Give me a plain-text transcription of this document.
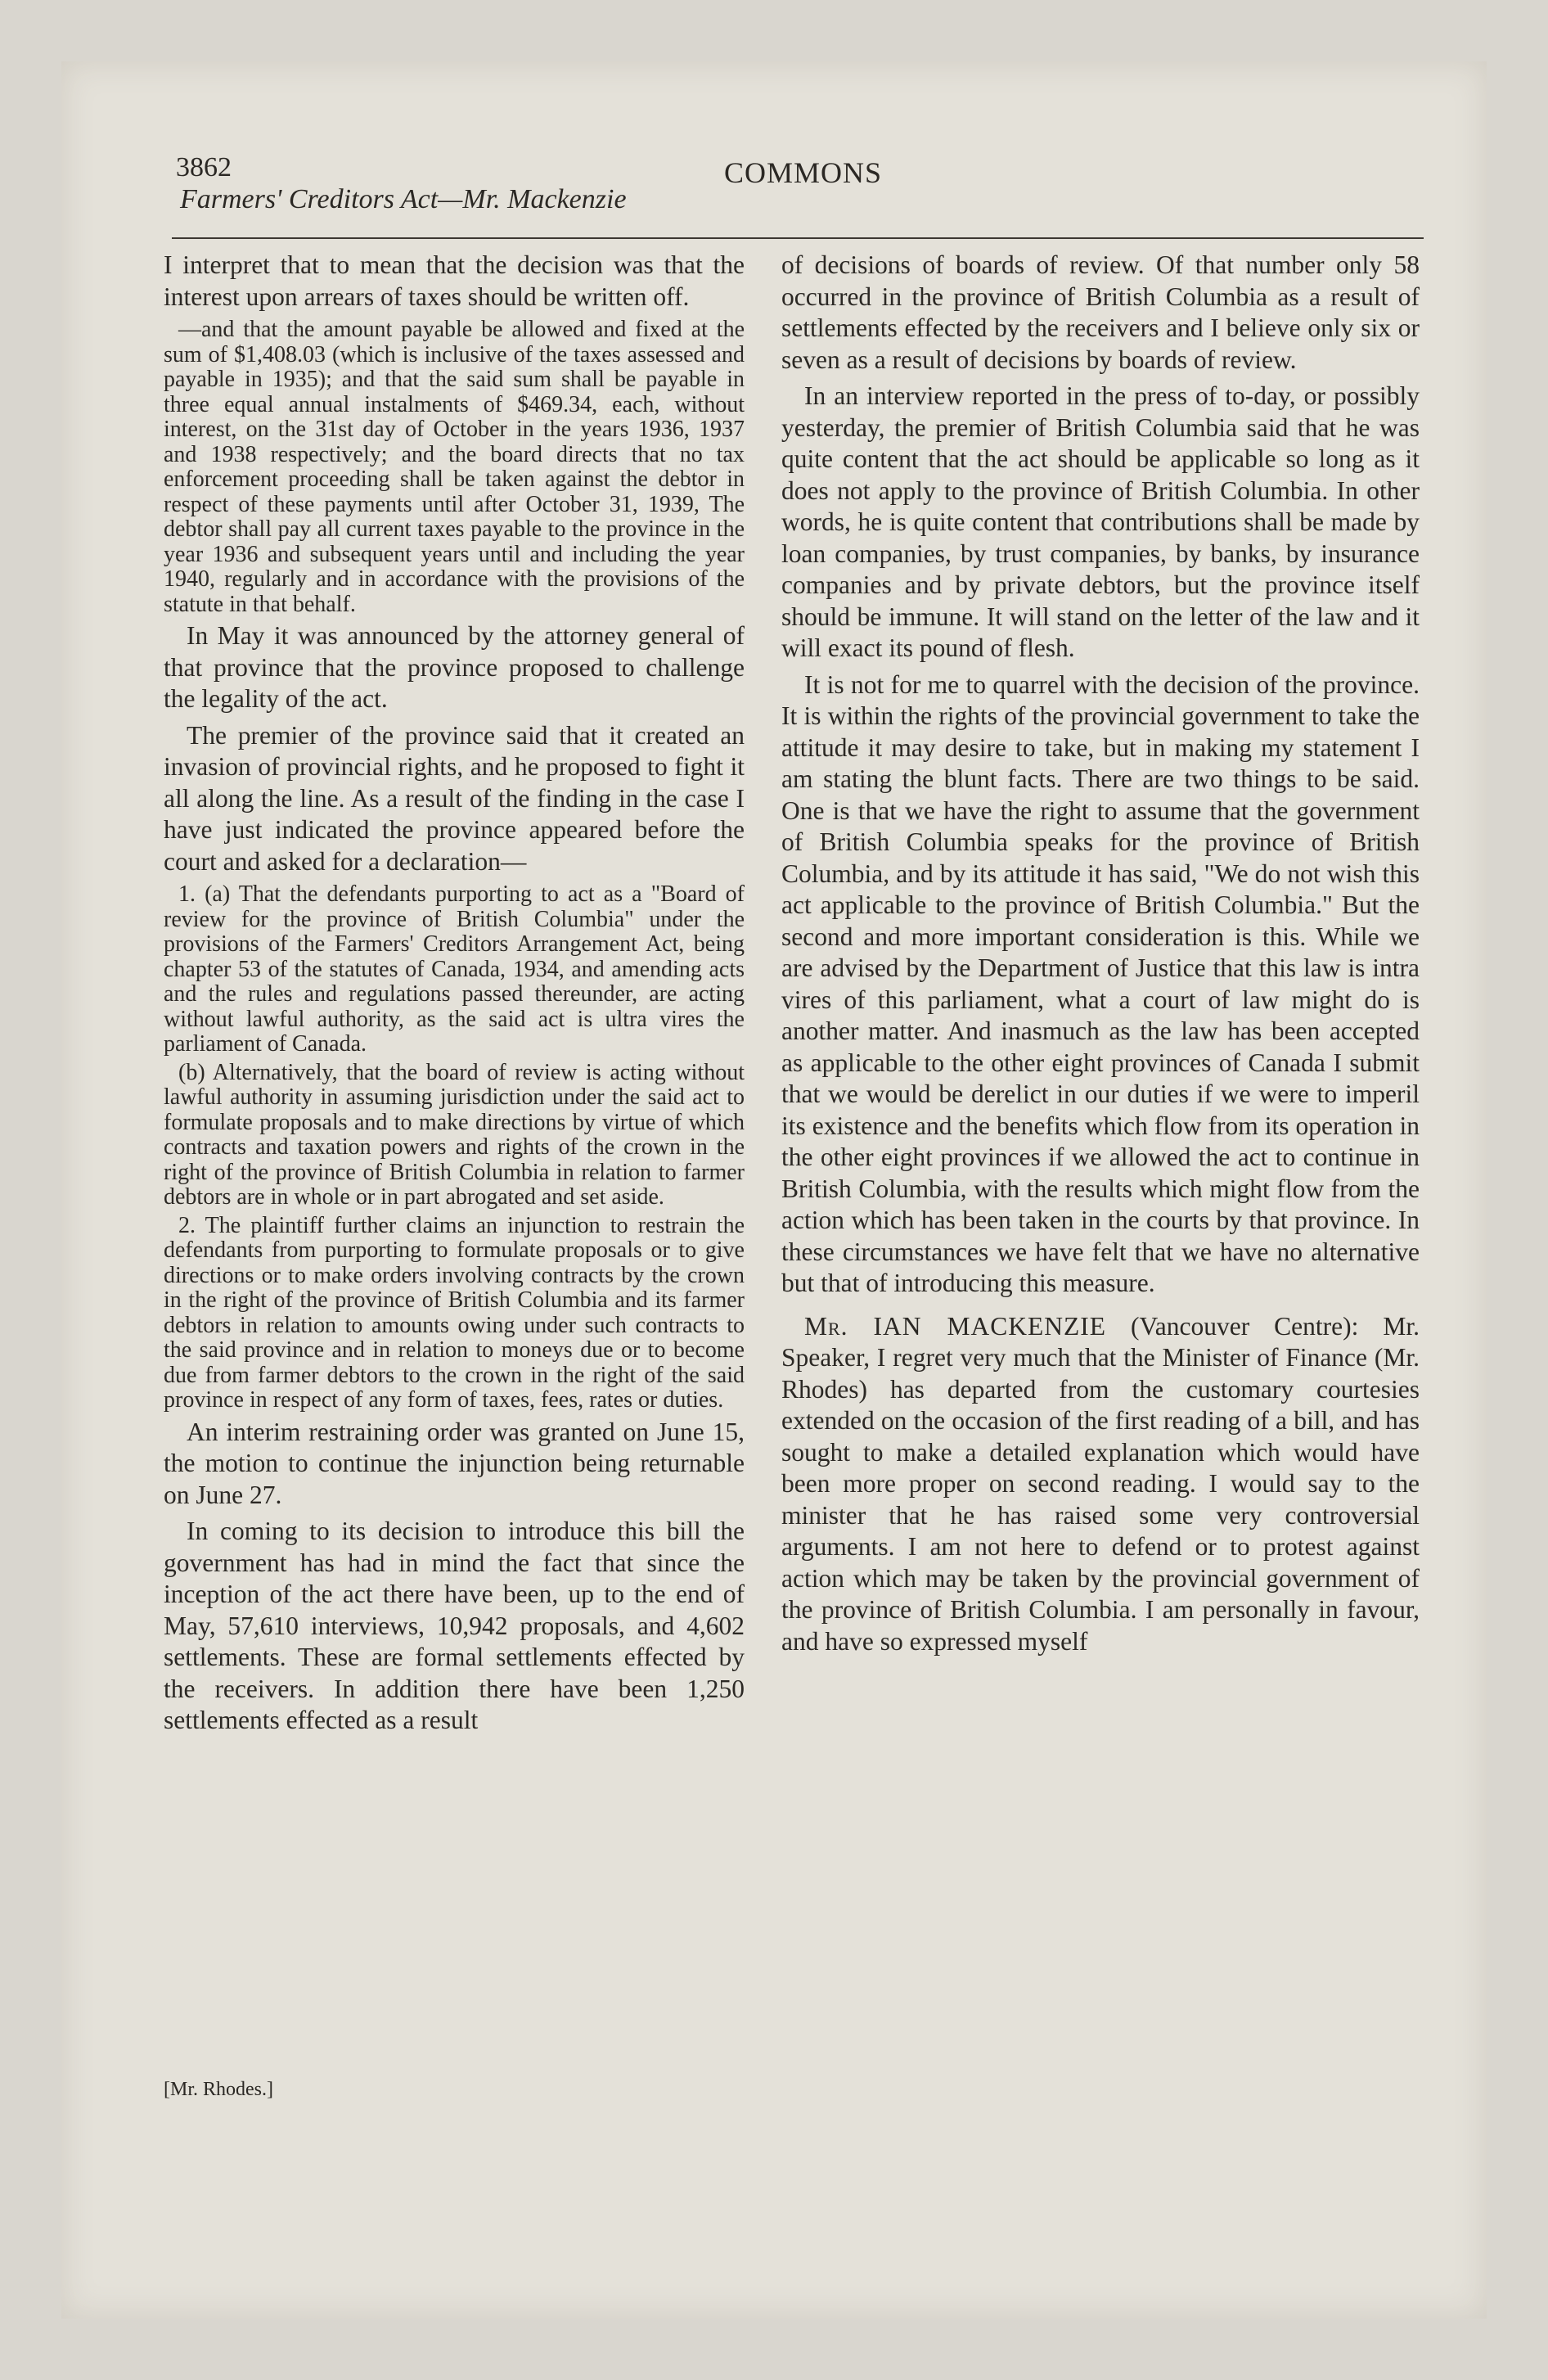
3862
Farmers' Creditors Act—Mr. Mackenzie
COMMONS

I interpret that to mean that the decision was that the interest upon arrears of taxes should be written off.

—and that the amount payable be allowed and fixed at the sum of $1,408.03 (which is inclusive of the taxes assessed and payable in 1935); and that the said sum shall be payable in three equal annual instalments of $469.34, each, without interest, on the 31st day of October in the years 1936, 1937 and 1938 respectively; and the board directs that no tax enforcement proceeding shall be taken against the debtor in respect of these payments until after October 31, 1939, The debtor shall pay all current taxes payable to the province in the year 1936 and subsequent years until and including the year 1940, regularly and in accordance with the provisions of the statute in that behalf.

In May it was announced by the attorney general of that province that the province proposed to challenge the legality of the act.

The premier of the province said that it created an invasion of provincial rights, and he proposed to fight it all along the line. As a result of the finding in the case I have just indicated the province appeared before the court and asked for a declaration—

1. (a) That the defendants purporting to act as a "Board of review for the province of British Columbia" under the provisions of the Farmers' Creditors Arrangement Act, being chapter 53 of the statutes of Canada, 1934, and amending acts and the rules and regulations passed thereunder, are acting without lawful authority, as the said act is ultra vires the parliament of Canada.

(b) Alternatively, that the board of review is acting without lawful authority in assuming jurisdiction under the said act to formulate proposals and to make directions by virtue of which contracts and taxation powers and rights of the crown in the right of the province of British Columbia in relation to farmer debtors are in whole or in part abrogated and set aside.

2. The plaintiff further claims an injunction to restrain the defendants from purporting to formulate proposals or to give directions or to make orders involving contracts by the crown in the right of the province of British Columbia and its farmer debtors in relation to amounts owing under such contracts to the said province and in relation to moneys due or to become due from farmer debtors to the crown in the right of the said province in respect of any form of taxes, fees, rates or duties.

An interim restraining order was granted on June 15, the motion to continue the injunction being returnable on June 27.

In coming to its decision to introduce this bill the government has had in mind the fact that since the inception of the act there have been, up to the end of May, 57,610 interviews, 10,942 proposals, and 4,602 settlements. These are formal settlements effected by the receivers. In addition there have been 1,250 settlements effected as a result

[Mr. Rhodes.]

of decisions of boards of review. Of that number only 58 occurred in the province of British Columbia as a result of settlements effected by the receivers and I believe only six or seven as a result of decisions by boards of review.

In an interview reported in the press of to-day, or possibly yesterday, the premier of British Columbia said that he was quite content that the act should be applicable so long as it does not apply to the province of British Columbia. In other words, he is quite content that contributions shall be made by loan companies, by trust companies, by banks, by insurance companies and by private debtors, but the province itself should be immune. It will stand on the letter of the law and it will exact its pound of flesh.

It is not for me to quarrel with the decision of the province. It is within the rights of the provincial government to take the attitude it may desire to take, but in making my statement I am stating the blunt facts. There are two things to be said. One is that we have the right to assume that the government of British Columbia speaks for the province of British Columbia, and by its attitude it has said, "We do not wish this act applicable to the province of British Columbia." But the second and more important consideration is this. While we are advised by the Department of Justice that this law is intra vires of this parliament, what a court of law might do is another matter. And inasmuch as the law has been accepted as applicable to the other eight provinces of Canada I submit that we would be derelict in our duties if we were to imperil its existence and the benefits which flow from its operation in the other eight provinces if we allowed the act to continue in British Columbia, with the results which might flow from the action which has been taken in the courts by that province. In these circumstances we have felt that we have no alternative but that of introducing this measure.

Mr. IAN MACKENZIE (Vancouver Centre): Mr. Speaker, I regret very much that the Minister of Finance (Mr. Rhodes) has departed from the customary courtesies extended on the occasion of the first reading of a bill, and has sought to make a detailed explanation which would have been more proper on second reading. I would say to the minister that he has raised some very controversial arguments. I am not here to defend or to protest against action which may be taken by the provincial government of the province of British Columbia. I am personally in favour, and have so expressed myself
